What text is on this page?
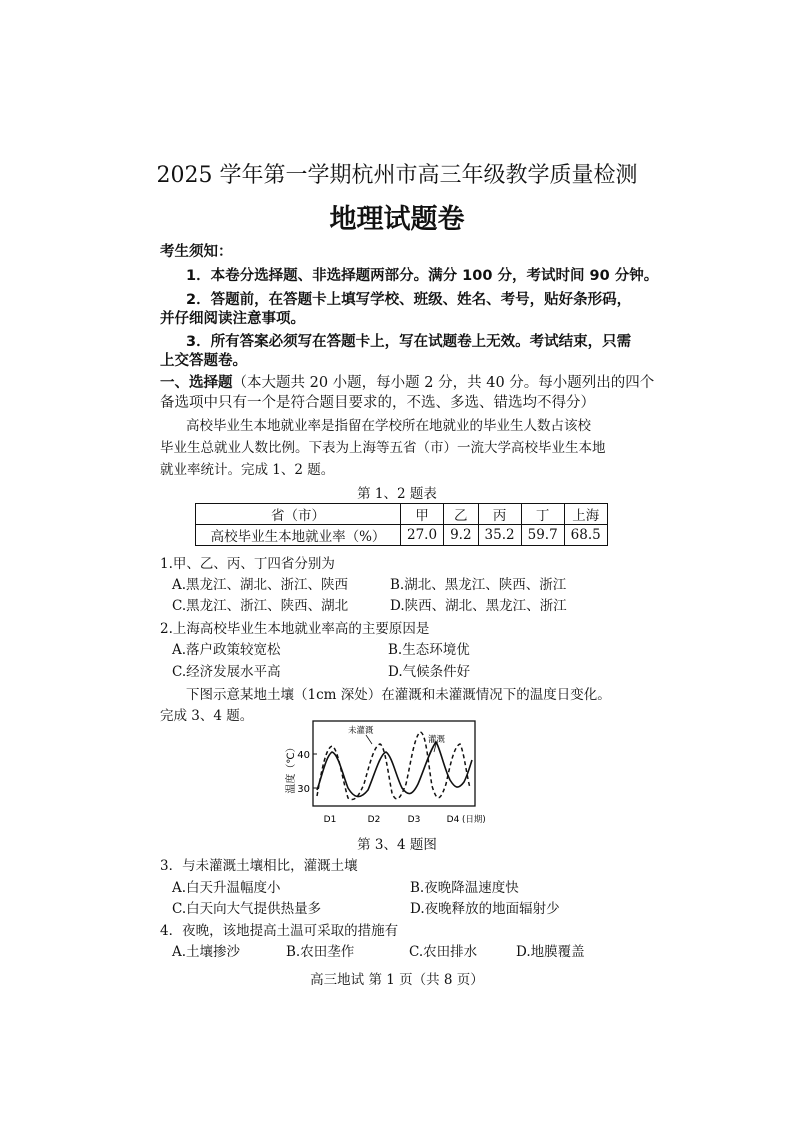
2025 学年第一学期杭州市高三年级教学质量检测
地理试题卷
考生须知：
1．本卷分选择题、非选择题两部分。满分 100 分，考试时间 90 分钟。
2．答题前，在答题卡上填写学校、班级、姓名、考号，贴好条形码，
并仔细阅读注意事项。
3．所有答案必须写在答题卡上，写在试题卷上无效。考试结束，只需
上交答题卷。
一、选择题（本大题共 20 小题，每小题 2 分，共 40 分。每小题列出的四个
备选项中只有一个是符合题目要求的，不选、多选、错选均不得分）
高校毕业生本地就业率是指留在学校所在地就业的毕业生人数占该校
毕业生总就业人数比例。下表为上海等五省（市）一流大学高校毕业生本地
就业率统计。完成 1、2 题。
第 1、2 题表
省（市）	甲	乙	丙	丁	上海
高校毕业生本地就业率（%）	27.0	9.2	35.2	59.7	68.5
1.甲、乙、丙、丁四省分别为
A.黑龙江、湖北、浙江、陕西	B.湖北、黑龙江、陕西、浙江
C.黑龙江、浙江、陕西、湖北	D.陕西、湖北、黑龙江、浙江
2.上海高校毕业生本地就业率高的主要原因是
A.落户政策较宽松	B.生态环境优
C.经济发展水平高	D.气候条件好
下图示意某地土壤（1cm 深处）在灌溉和未灌溉情况下的温度日变化。
完成 3、4 题。
温度（℃） 40
30
未灌溉
灌溉
D1	D2	D3	D4 (日期)
第 3、4 题图
3．与未灌溉土壤相比，灌溉土壤
A.白天升温幅度小	B.夜晚降温速度快
C.白天向大气提供热量多	D.夜晚释放的地面辐射少
4．夜晚，该地提高土温可采取的措施有
A.土壤掺沙	B.农田垄作	C.农田排水	D.地膜覆盖
高三地试 第 1 页（共 8 页）
